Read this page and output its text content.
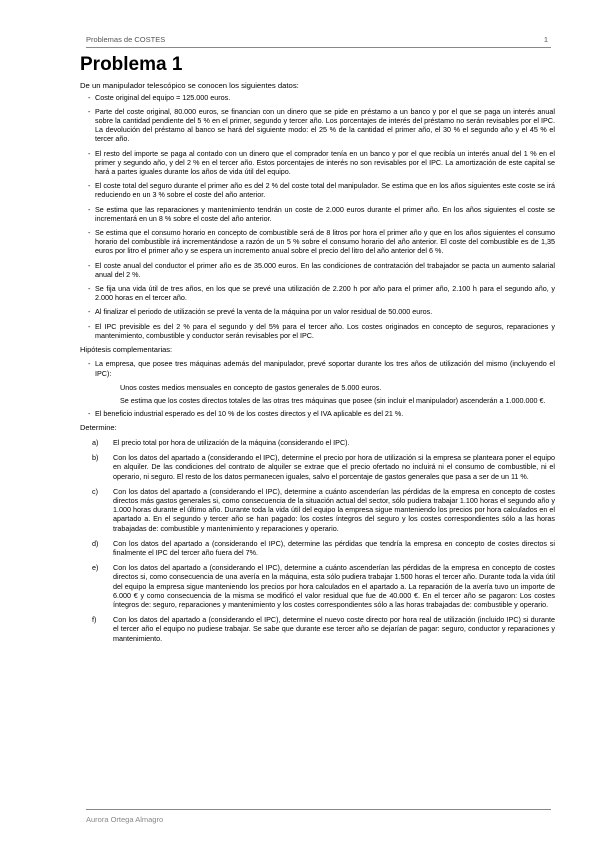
Problemas de COSTES	1
Problema 1

De un manipulador telescópico se conocen los siguientes datos:

- Coste original del equipo = 125.000 euros.
- Parte del coste original, 80.000 euros, se financian con un dinero que se pide en préstamo a un banco y por el que se paga un interés anual sobre la cantidad pendiente del 5 % en el primer, segundo y tercer año. Los porcentajes de interés del préstamo no serán revisables por el IPC. La devolución del préstamo al banco se hará del siguiente modo: el 25 % de la cantidad el primer año, el 30 % el segundo año y el 45 % el tercer año.
- El resto del importe se paga al contado con un dinero que el comprador tenía en un banco y por el que recibía un interés anual del 1 % en el primer y segundo año, y del 2 % en el tercer año. Estos porcentajes de interés no son revisables por el IPC. La amortización de este capital se hará a partes iguales durante los años de vida útil del equipo.
- El coste total del seguro durante el primer año es del 2 % del coste total del manipulador. Se estima que en los años siguientes este coste se irá reduciendo en un 3 % sobre el coste del año anterior.
- Se estima que las reparaciones y mantenimiento tendrán un coste de 2.000 euros durante el primer año. En los años siguientes el coste se incrementará en un 8 % sobre el coste del año anterior.
- Se estima que el consumo horario en concepto de combustible será de 8 litros por hora el primer año y que en los años siguientes el consumo horario del combustible irá incrementándose a razón de un 5 % sobre el consumo horario del año anterior. El coste del combustible es de 1,35 euros por litro el primer año y se espera un incremento anual sobre el precio del litro del año anterior del 6 %.
- El coste anual del conductor el primer año es de 35.000 euros. En las condiciones de contratación del trabajador se pacta un aumento salarial anual del 2 %.
- Se fija una vida útil de tres años, en los que se prevé una utilización de 2.200 h por año para el primer año, 2.100 h para el segundo año, y 2.000 horas en el tercer año.
- Al finalizar el periodo de utilización se prevé la venta de la máquina por un valor residual de 50.000 euros.
- El IPC previsible es del 2 % para el segundo y del 5% para el tercer año. Los costes originados en concepto de seguros, reparaciones y mantenimiento, combustible y conductor serán revisables por el IPC.

Hipótesis complementarias:

- La empresa, que posee tres máquinas además del manipulador, prevé soportar durante los tres años de utilización del mismo (incluyendo el IPC):

Unos costes medios mensuales en concepto de gastos generales de 5.000 euros.

Se estima que los costes directos totales de las otras tres máquinas que posee (sin incluir el manipulador) ascenderán a 1.000.000 €.

- El beneficio industrial esperado es del 10 % de los costes directos y el IVA aplicable es del 21 %.

Determine:

a) El precio total por hora de utilización de la máquina (considerando el IPC).
b) Con los datos del apartado a (considerando el IPC), determine el precio por hora de utilización si la empresa se planteara poner el equipo en alquiler. De las condiciones del contrato de alquiler se extrae que el precio ofertado no incluirá ni el consumo de combustible, ni el operario, ni seguro. El resto de los datos permanecen iguales, salvo el porcentaje de gastos generales que pasa a ser de un 11 %.
c) Con los datos del apartado a (considerando el IPC), determine a cuánto ascenderían las pérdidas de la empresa en concepto de costes directos más gastos generales si, como consecuencia de la situación actual del sector, sólo pudiera trabajar 1.100 horas el segundo año y 1.000 horas durante el último año. Durante toda la vida útil del equipo la empresa sigue manteniendo los precios por hora calculados en el apartado a. En el segundo y tercer año se han pagado: los costes íntegros del seguro y los costes correspondientes sólo a las horas trabajadas de: combustible y mantenimiento y reparaciones y operario.
d) Con los datos del apartado a (considerando el IPC), determine las pérdidas que tendría la empresa en concepto de costes directos si finalmente el IPC del tercer año fuera del 7%.
e) Con los datos del apartado a (considerando el IPC), determine a cuánto ascenderían las pérdidas de la empresa en concepto de costes directos si, como consecuencia de una avería en la máquina, esta sólo pudiera trabajar 1.500 horas el tercer año. Durante toda la vida útil del equipo la empresa sigue manteniendo los precios por hora calculados en el apartado a. La reparación de la avería tuvo un importe de 6.000 € y como consecuencia de la misma se modificó el valor residual que fue de 40.000 €. En el tercer año se pagaron: Los costes íntegros de: seguro, reparaciones y mantenimiento y los costes correspondientes sólo a las horas trabajadas de: combustible y operario.
f) Con los datos del apartado a (considerando el IPC), determine el nuevo coste directo por hora real de utilización (incluido IPC) si durante el tercer año el equipo no pudiese trabajar. Se sabe que durante ese tercer año se dejarían de pagar: seguro, conductor y reparaciones y mantenimiento.
Aurora Ortega Almagro
